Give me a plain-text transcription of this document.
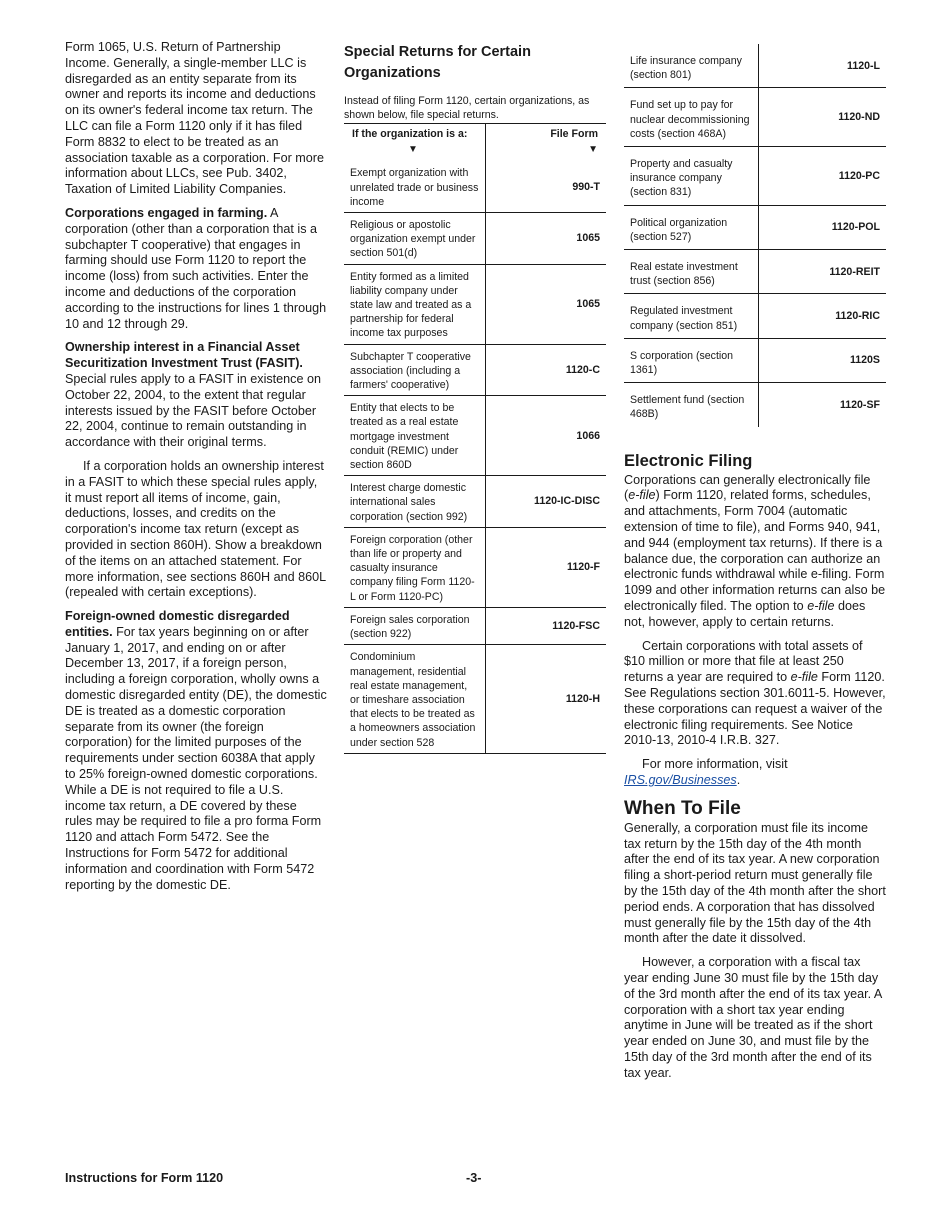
Form 1065, U.S. Return of Partnership Income. Generally, a single-member LLC is disregarded as an entity separate from its owner and reports its income and deductions on its owner's federal income tax return. The LLC can file a Form 1120 only if it has filed Form 8832 to elect to be treated as an association taxable as a corporation. For more information about LLCs, see Pub. 3402, Taxation of Limited Liability Companies.

Corporations engaged in farming. A corporation (other than a corporation that is a subchapter T cooperative) that engages in farming should use Form 1120 to report the income (loss) from such activities. Enter the income and deductions of the corporation according to the instructions for lines 1 through 10 and 12 through 29.

Ownership interest in a Financial Asset Securitization Investment Trust (FASIT). Special rules apply to a FASIT in existence on October 22, 2004, to the extent that regular interests issued by the FASIT before October 22, 2004, continue to remain outstanding in accordance with their original terms.

If a corporation holds an ownership interest in a FASIT to which these special rules apply, it must report all items of income, gain, deductions, losses, and credits on the corporation's income tax return (except as provided in section 860H). Show a breakdown of the items on an attached statement. For more information, see sections 860H and 860L (repealed with certain exceptions).

Foreign-owned domestic disregarded entities. For tax years beginning on or after January 1, 2017, and ending on or after December 13, 2017, if a foreign person, including a foreign corporation, wholly owns a domestic disregarded entity (DE), the domestic DE is treated as a domestic corporation separate from its owner (the foreign corporation) for the limited purposes of the requirements under section 6038A that apply to 25% foreign-owned domestic corporations. While a DE is not required to file a U.S. income tax return, a DE covered by these rules may be required to file a pro forma Form 1120 and attach Form 5472. See the Instructions for Form 5472 for additional information and coordination with Form 5472 reporting by the domestic DE.

Special Returns for Certain Organizations
Instead of filing Form 1120, certain organizations, as shown below, file special returns.
If the organization is a:	File Form
▼	▼
Exempt organization with unrelated trade or business income	990-T
Religious or apostolic organization exempt under section 501(d)	1065
Entity formed as a limited liability company under state law and treated as a partnership for federal income tax purposes	1065
Subchapter T cooperative association (including a farmers' cooperative)	1120-C
Entity that elects to be treated as a real estate mortgage investment conduit (REMIC) under section 860D	1066
Interest charge domestic international sales corporation (section 992)	1120-IC-DISC
Foreign corporation (other than life or property and casualty insurance company filing Form 1120-L or Form 1120-PC)	1120-F
Foreign sales corporation (section 922)	1120-FSC
Condominium management, residential real estate management, or timeshare association that elects to be treated as a homeowners association under section 528	1120-H
Life insurance company (section 801)	1120-L
Fund set up to pay for nuclear decommissioning costs (section 468A)	1120-ND
Property and casualty insurance company (section 831)	1120-PC
Political organization (section 527)	1120-POL
Real estate investment trust (section 856)	1120-REIT
Regulated investment company (section 851)	1120-RIC
S corporation (section 1361)	1120S
Settlement fund (section 468B)	1120-SF
Electronic Filing

Corporations can generally electronically file (e-file) Form 1120, related forms, schedules, and attachments, Form 7004 (automatic extension of time to file), and Forms 940, 941, and 944 (employment tax returns). If there is a balance due, the corporation can authorize an electronic funds withdrawal while e-filing. Form 1099 and other information returns can also be electronically filed. The option to e-file does not, however, apply to certain returns.

Certain corporations with total assets of $10 million or more that file at least 250 returns a year are required to e-file Form 1120. See Regulations section 301.6011-5. However, these corporations can request a waiver of the electronic filing requirements. See Notice 2010-13, 2010-4 I.R.B. 327.

For more information, visit IRS.gov/Businesses.

When To File

Generally, a corporation must file its income tax return by the 15th day of the 4th month after the end of its tax year. A new corporation filing a short-period return must generally file by the 15th day of the 4th month after the short period ends. A corporation that has dissolved must generally file by the 15th day of the 4th month after the date it dissolved.

However, a corporation with a fiscal tax year ending June 30 must file by the 15th day of the 3rd month after the end of its tax year. A corporation with a short tax year ending anytime in June will be treated as if the short year ended on June 30, and must file by the 15th day of the 3rd month after the end of its tax year.

Instructions for Form 1120	-3-
